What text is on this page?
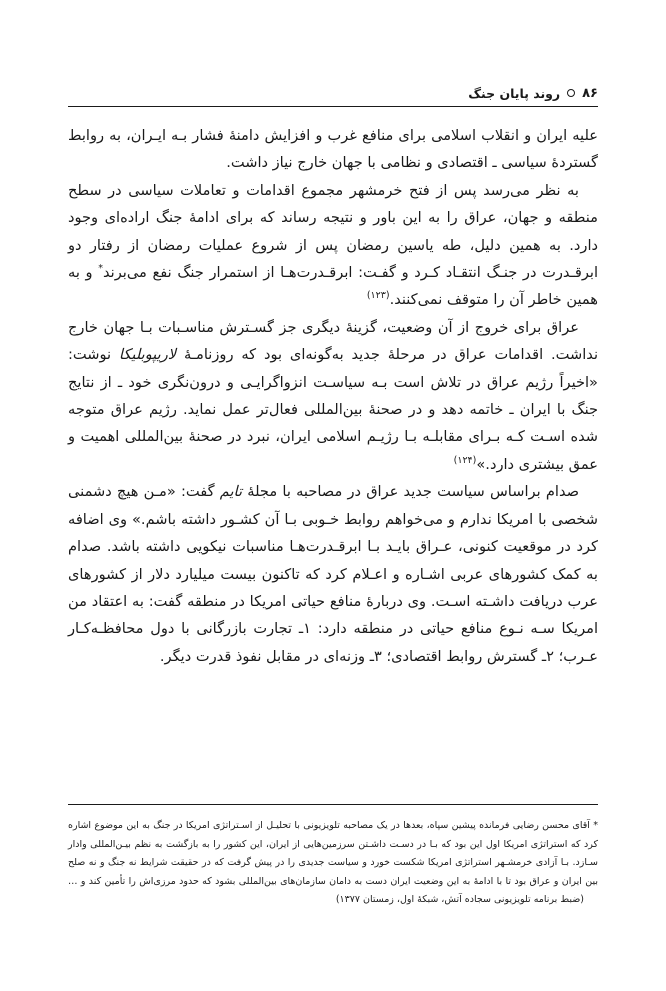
۸۶
روند پایان جنگ

علیه ایران و انقلاب اسلامی برای منافع غرب و افزایش دامنهٔ فشار بـه ایـران، به روابط گستردهٔ سیاسی ـ اقتصادی و نظامی با جهان خارج نیاز داشت.

به نظر می‌رسد پس از فتح خرمشهر مجموع اقدامات و تعاملات سیاسی در سطح منطقه و جهان، عراق را به این باور و نتیجه رساند که برای ادامهٔ جنگ اراده‌ای وجود دارد. به همین دلیل، طه یاسین رمضان پس از شروع عملیات رمضان از رفتار دو ابرقـدرت در جنـگ انتقـاد کـرد و گفـت: ابرقـدرت‌هـا از استمرار جنگ نفع می‌برند* و به همین خاطر آن را متوقف نمی‌کنند.$^{(۱۲۳)}$

عراق برای خروج از آن وضعیت، گزینهٔ دیگری جز گسـترش مناسـبات بـا جهان خارج نداشت. اقدامات عراق در مرحلهٔ جدید به‌گونه‌ای بود که روزنامـهٔ لاریپوبلیکا نوشت: «اخیراً رژیم عراق در تلاش است بـه سیاسـت انزواگرایـی و درون‌نگری خود ـ از نتایج جنگ با ایران ـ خاتمه دهد و در صحنهٔ بین‌المللی فعال‌تر عمل نماید. رژیم عراق متوجه شده اسـت کـه بـرای مقابلـه بـا رژیـم اسلامی ایران، نبرد در صحنهٔ بین‌المللی اهمیت و عمق بیشتری دارد.»$^{(۱۲۴)}$

صدام براساس سیاست جدید عراق در مصاحبه با مجلهٔ تایم گفت: «مـن هیچ دشمنی شخصی با امریکا ندارم و می‌خواهم روابط خـوبی بـا آن کشـور داشته باشم.» وی اضافه کرد در موقعیت کنونی، عـراق بایـد بـا ابرقـدرت‌هـا مناسبات نیکویی داشته باشد. صدام به کمک کشورهای عربی اشـاره و اعـلام کرد که تاکنون بیست میلیارد دلار از کشورهای عرب دریافت داشـته اسـت. وی دربارهٔ منافع حیاتی امریکا در منطقه گفت: به اعتقاد من امریکا سـه نـوع منافع حیاتی در منطقه دارد: ۱ـ تجارت بازرگانی با دول محافظـه‌کـار عـرب؛ ۲ـ گسترش روابط اقتصادی؛ ۳ـ وزنه‌ای در مقابل نفوذ قدرت دیگر.

* آقای محسن رضایی فرمانده پیشین سپاه، بعدها در یک مصاحبه تلویزیونی با تحلیـل از اسـتراتژی امریکا در جنگ به این موضوع اشاره کرد که استراتژی امریکا اول این بود که بـا در دسـت داشـتن سرزمین‌هایی از ایران، این کشور را به بازگشت به نظم بیـن‌المللی وادار سـازد. بـا آزادی خرمشـهر استراتژی امریکا شکست خورد و سیاست جدیدی را در پیش گرفت که در حقیقت شرایط نه جنگ و نه صلح بین ایران و عراق بود تا با ادامهٔ به این وضعیت ایران دست به دامان سازمان‌های بین‌المللی بشود که حدود مرزی‌اش را تأمین کند و …(ضبط برنامه تلویزیونی سجاده آتش، شبکهٔ اول، زمستان ۱۳۷۷)
